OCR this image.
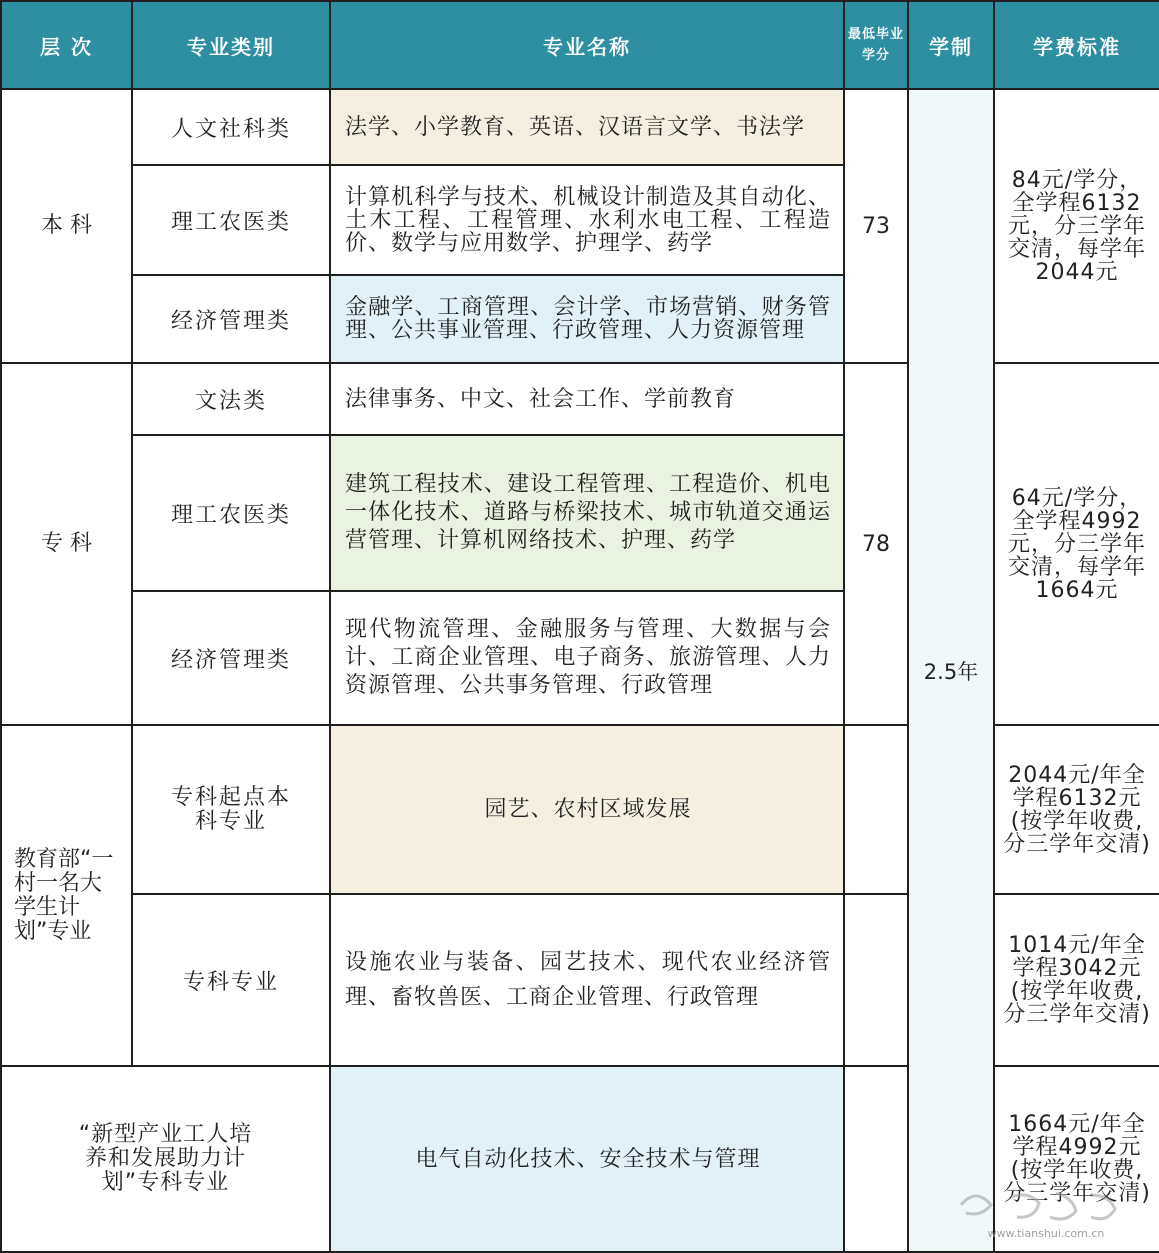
层 次	专业类别	专业名称	最低毕业学分	学制	学费标准
本 科	人文社科类	法学、小学教育、英语、汉语言文学、书法学	73	2.5年	84元/学分，全学程6132元，分三学年交清，每学年2044元
	理工农医类	计算机科学与技术、机械设计制造及其自动化、土木工程、工程管理、水利水电工程、工程造价、数学与应用数学、护理学、药学			
	经济管理类	金融学、工商管理、会计学、市场营销、财务管理、公共事业管理、行政管理、人力资源管理			
专 科	文法类	法律事务、中文、社会工作、学前教育	78		64元/学分，全学程4992元，分三学年交清，每学年1664元
	理工农医类	建筑工程技术、建设工程管理、工程造价、机电一体化技术、道路与桥梁技术、城市轨道交通运营管理、计算机网络技术、护理、药学			
	经济管理类	现代物流管理、金融服务与管理、大数据与会计、工商企业管理、电子商务、旅游管理、人力资源管理、公共事务管理、行政管理			
教育部“一村一名大学生计划”专业	专科起点本科专业	园艺、农村区域发展			2044元/年全学程6132元(按学年收费,分三学年交清)
	专科专业	设施农业与装备、园艺技术、现代农业经济管理、畜牧兽医、工商企业管理、行政管理			1014元/年全学程3042元(按学年收费,分三学年交清)
“新型产业工人培养和发展助力计划”专科专业		电气自动化技术、安全技术与管理			1664元/年全学程4992元(按学年收费,分三学年交清)
www.tianshui.com.cn
